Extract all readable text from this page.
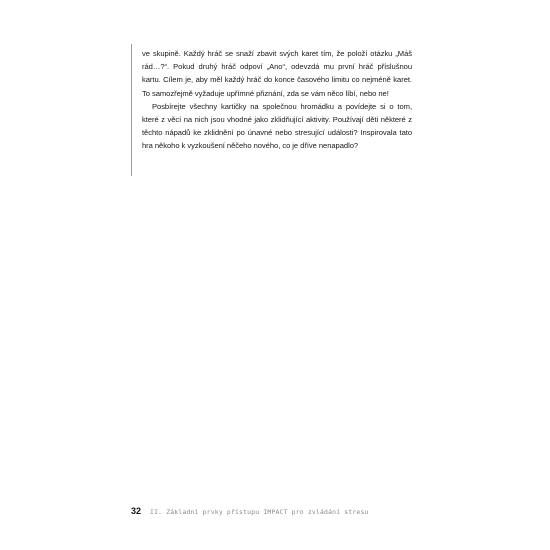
ve skupině. Každý hráč se snaží zbavit svých karet tím, že položí otázku „Máš rád…?“. Pokud druhý hráč odpoví „Ano“, odevzdá mu první hráč příslušnou kartu. Cílem je, aby měl každý hráč do konce časového limitu co nejméně karet. To samozřejmě vyžaduje upřímné přiznání, zda se vám něco líbí, nebo ne!

Posbírejte všechny kartičky na společnou hromádku a povídejte si o tom, které z věcí na nich jsou vhodné jako zklidňující aktivity. Používají děti některé z těchto nápadů ke zklidnění po únavné nebo stresující události? Inspirovala tato hra někoho k vyzkoušení něčeho nového, co je dříve nenapadlo?

32 II. Základní prvky přístupu IMPACT pro zvládání stresu
